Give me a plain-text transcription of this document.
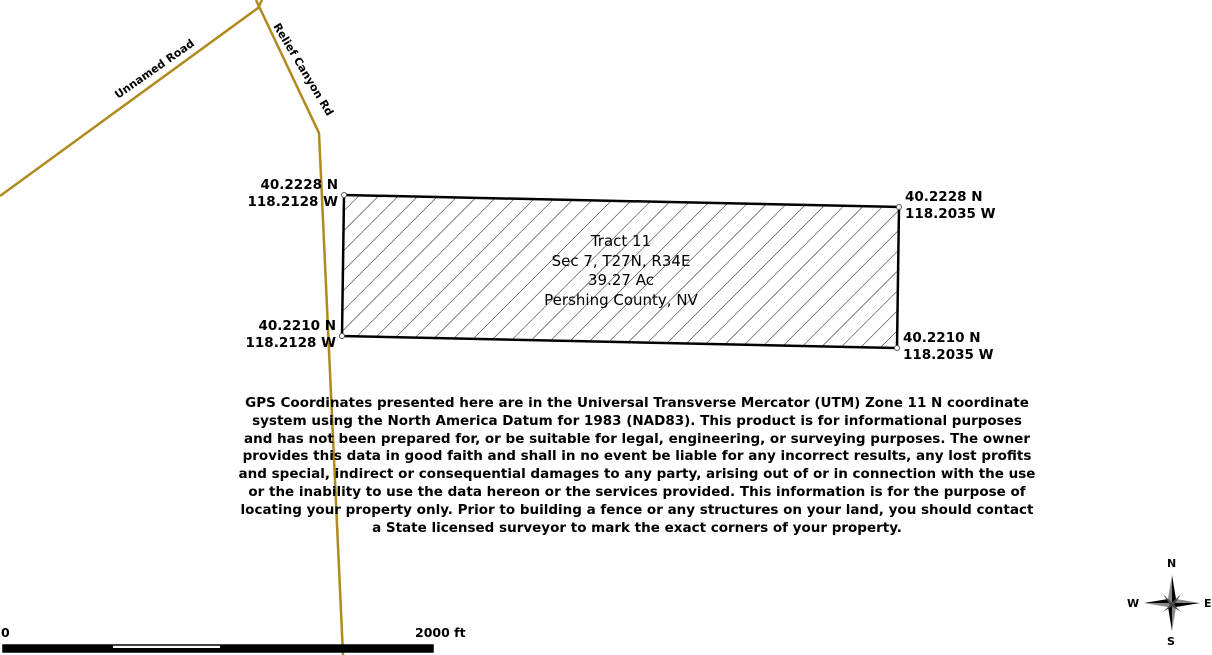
Unnamed Road
Relief Canyon Rd
40.2228 N
118.2128 W	40.2228 N
118.2035 W
40.2210 N
118.2128 W	40.2210 N
118.2035 W
Tract 11
Sec 7, T27N, R34E
39.27 Ac
Pershing County, NV
GPS Coordinates presented here are in the Universal Transverse Mercator (UTM) Zone 11 N coordinate system using the North America Datum for 1983 (NAD83). This product is for informational purposes and has not been prepared for, or be suitable for legal, engineering, or surveying purposes. The owner provides this data in good faith and shall in no event be liable for any incorrect results, any lost profits and special, indirect or consequential damages to any party, arising out of or in connection with the use or the inability to use the data hereon or the services provided. This information is for the purpose of locating your property only. Prior to building a fence or any structures on your land, you should contact a State licensed surveyor to mark the exact corners of your property.
0	2000 ft
N
S
W	E
